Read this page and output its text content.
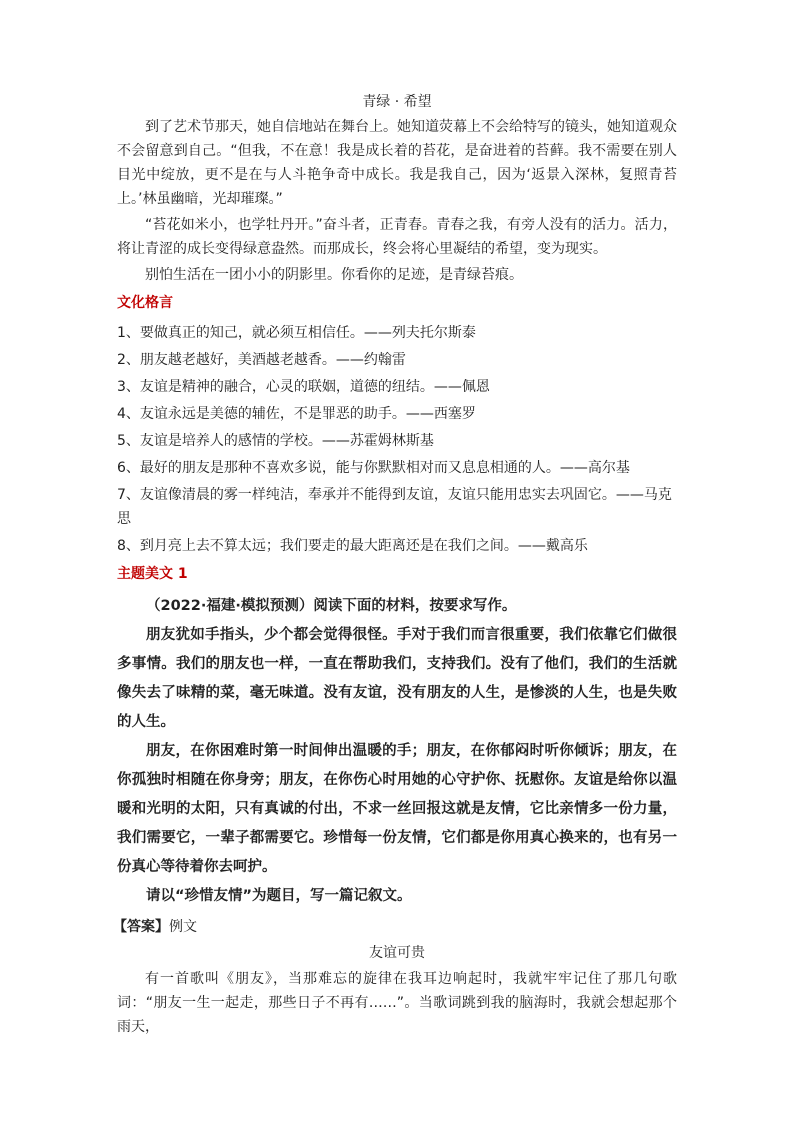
青绿 · 希望

到了艺术节那天，她自信地站在舞台上。她知道荧幕上不会给特写的镜头，她知道观众不会留意到自己。“但我，不在意！我是成长着的苔花，是奋进着的苔藓。我不需要在别人目光中绽放，更不是在与人斗艳争奇中成长。我是我自己，因为‘返景入深林，复照青苔上。’林虽幽暗，光却璀璨。”

“苔花如米小，也学牡丹开。”奋斗者，正青春。青春之我，有旁人没有的活力。活力，将让青涩的成长变得绿意盎然。而那成长，终会将心里凝结的希望，变为现实。

别怕生活在一团小小的阴影里。你看你的足迹，是青绿苔痕。

文化格言
1、要做真正的知己，就必须互相信任。——列夫托尔斯泰
2、朋友越老越好，美酒越老越香。——约翰雷
3、友谊是精神的融合，心灵的联姻，道德的纽结。——佩恩
4、友谊永远是美德的辅佐，不是罪恶的助手。——西塞罗
5、友谊是培养人的感情的学校。——苏霍姆林斯基
6、最好的朋友是那种不喜欢多说，能与你默默相对而又息息相通的人。——高尔基
7、友谊像清晨的雾一样纯洁，奉承并不能得到友谊，友谊只能用忠实去巩固它。——马克思
8、到月亮上去不算太远；我们要走的最大距离还是在我们之间。——戴高乐
主题美文 1

（2022·福建·模拟预测）阅读下面的材料，按要求写作。

朋友犹如手指头，少个都会觉得很怪。手对于我们而言很重要，我们依靠它们做很多事情。我们的朋友也一样，一直在帮助我们，支持我们。没有了他们，我们的生活就像失去了味精的菜，毫无味道。没有友谊，没有朋友的人生，是惨淡的人生，也是失败的人生。

朋友，在你困难时第一时间伸出温暖的手；朋友，在你郁闷时听你倾诉；朋友，在你孤独时相随在你身旁；朋友，在你伤心时用她的心守护你、抚慰你。友谊是给你以温暖和光明的太阳，只有真诚的付出，不求一丝回报这就是友情，它比亲情多一份力量，我们需要它，一辈子都需要它。珍惜每一份友情，它们都是你用真心换来的，也有另一份真心等待着你去呵护。

请以“珍惜友情”为题目，写一篇记叙文。

【答案】例文
友谊可贵

有一首歌叫《朋友》，当那难忘的旋律在我耳边响起时，我就牢牢记住了那几句歌词：“朋友一生一起走，那些日子不再有……”。当歌词跳到我的脑海时，我就会想起那个雨天，
